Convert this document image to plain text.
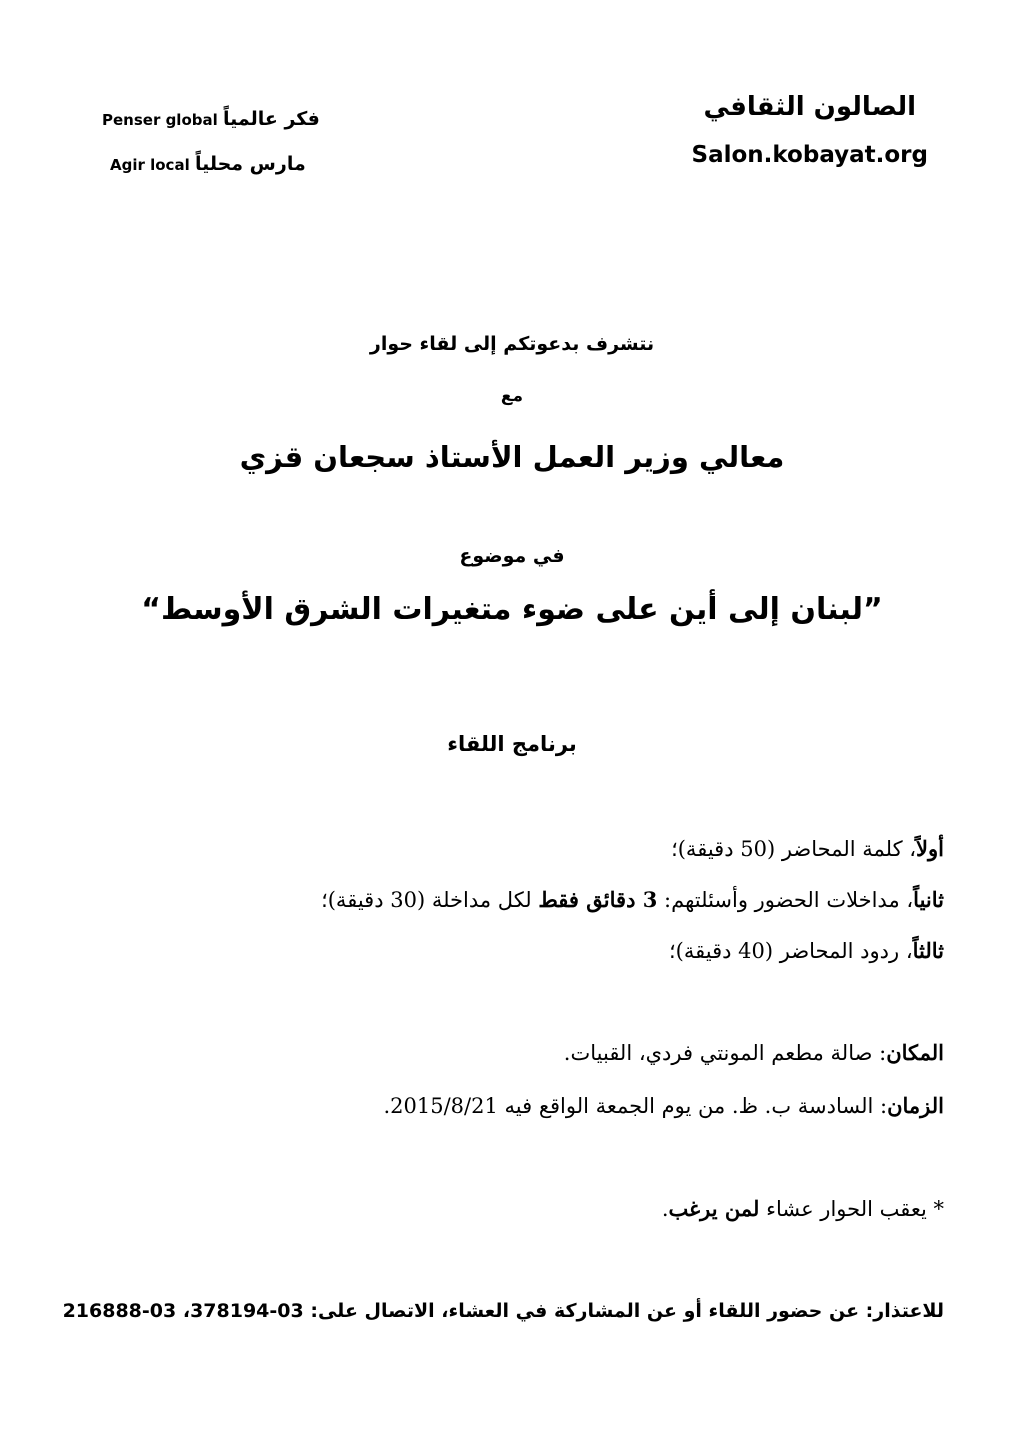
الصالون الثقافي
Salon.kobayat.org
Penser global فكر عالمياً
Agir local مارس محلياً
نتشرف بدعوتكم إلى لقاء حوار
مع
معالي وزير العمل الأستاذ سجعان قزي
في موضوع
”لبنان إلى أين على ضوء متغيرات الشرق الأوسط“
برنامج اللقاء
أولاً، كلمة المحاضر (50 دقيقة)؛
ثانياً، مداخلات الحضور وأسئلتهم: 3 دقائق فقط لكل مداخلة (30 دقيقة)؛
ثالثاً، ردود المحاضر (40 دقيقة)؛
المكان: صالة مطعم المونتي فردي، القبيات.
الزمان: السادسة ب. ظ. من يوم الجمعة الواقع فيه 2015/8/21.
* يعقب الحوار عشاء لمن يرغب.
للاعتذار: عن حضور اللقاء أو عن المشاركة في العشاء، الاتصال على: 03-378194، 03-216888
